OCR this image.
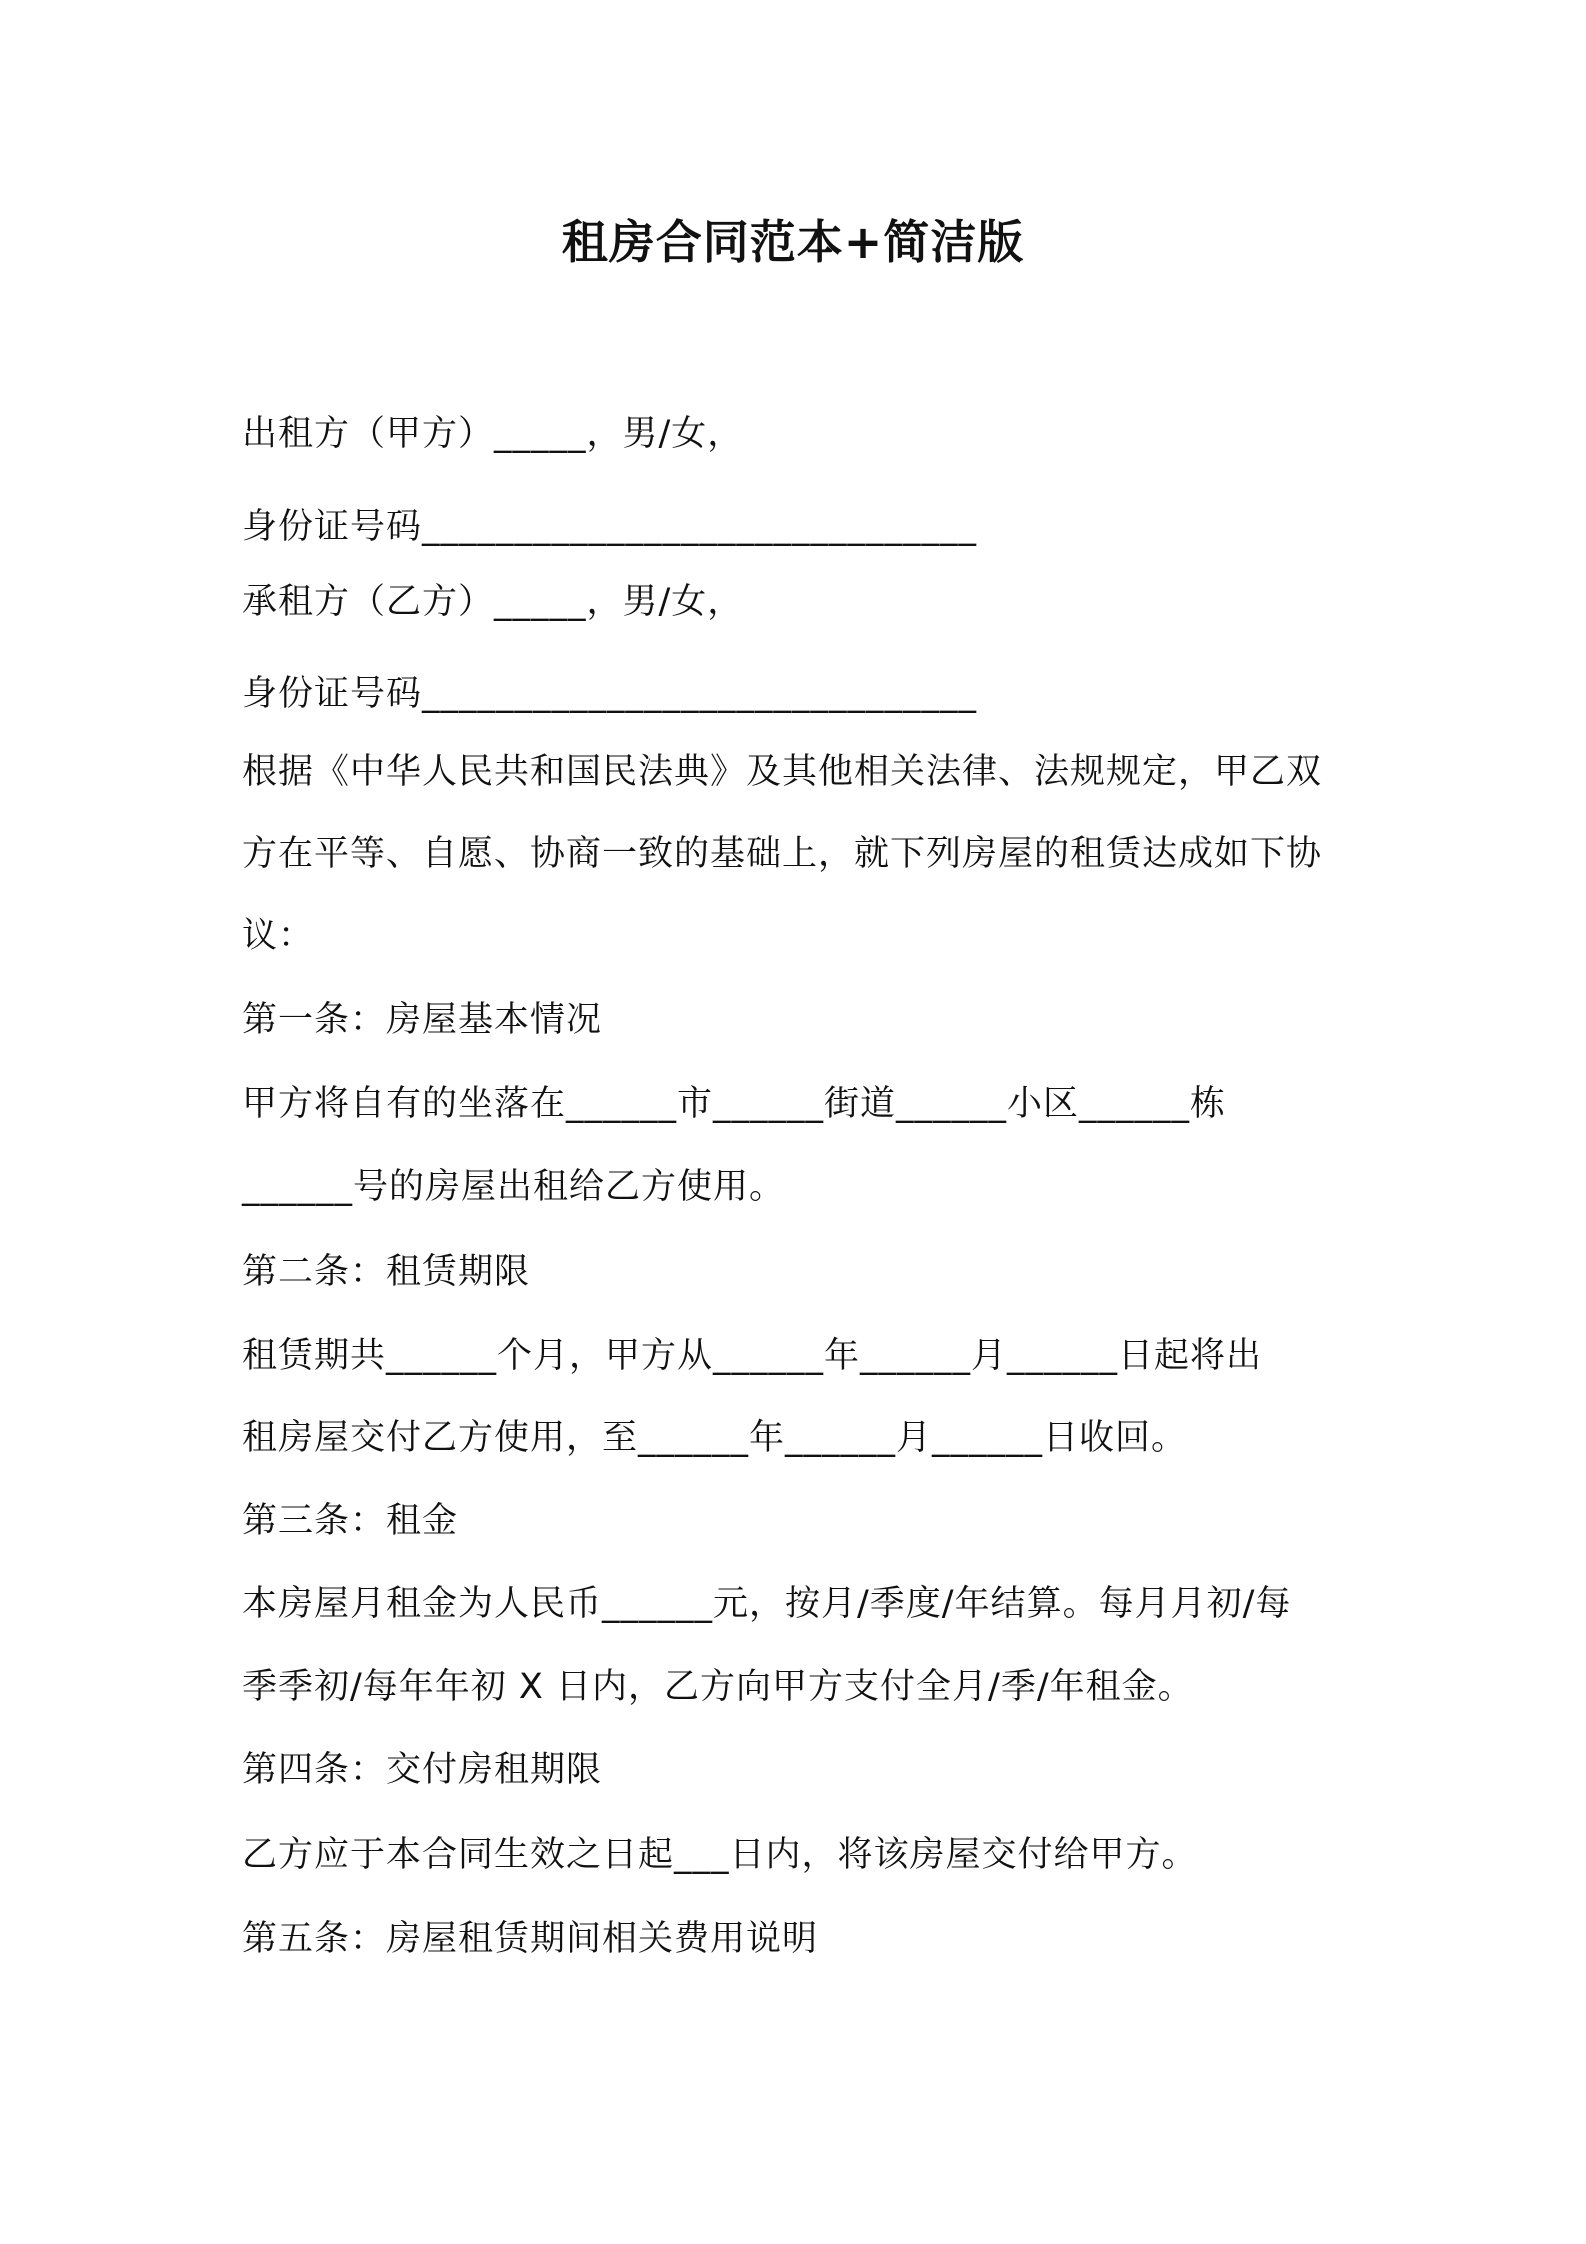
租房合同范本+简洁版
出租方（甲方）_____，男/女，
身份证号码______________________________
承租方（乙方）_____，男/女，
身份证号码______________________________
根据《中华人民共和国民法典》及其他相关法律、法规规定，甲乙双
方在平等、自愿、协商一致的基础上，就下列房屋的租赁达成如下协
议：
第一条：房屋基本情况
甲方将自有的坐落在______市______街道______小区______栋
______号的房屋出租给乙方使用。
第二条：租赁期限
租赁期共______个月，甲方从______年______月______日起将出
租房屋交付乙方使用，至______年______月______日收回。
第三条：租金
本房屋月租金为人民币______元，按月/季度/年结算。每月月初/每
季季初/每年年初 X 日内，乙方向甲方支付全月/季/年租金。
第四条：交付房租期限
乙方应于本合同生效之日起___日内，将该房屋交付给甲方。
第五条：房屋租赁期间相关费用说明
